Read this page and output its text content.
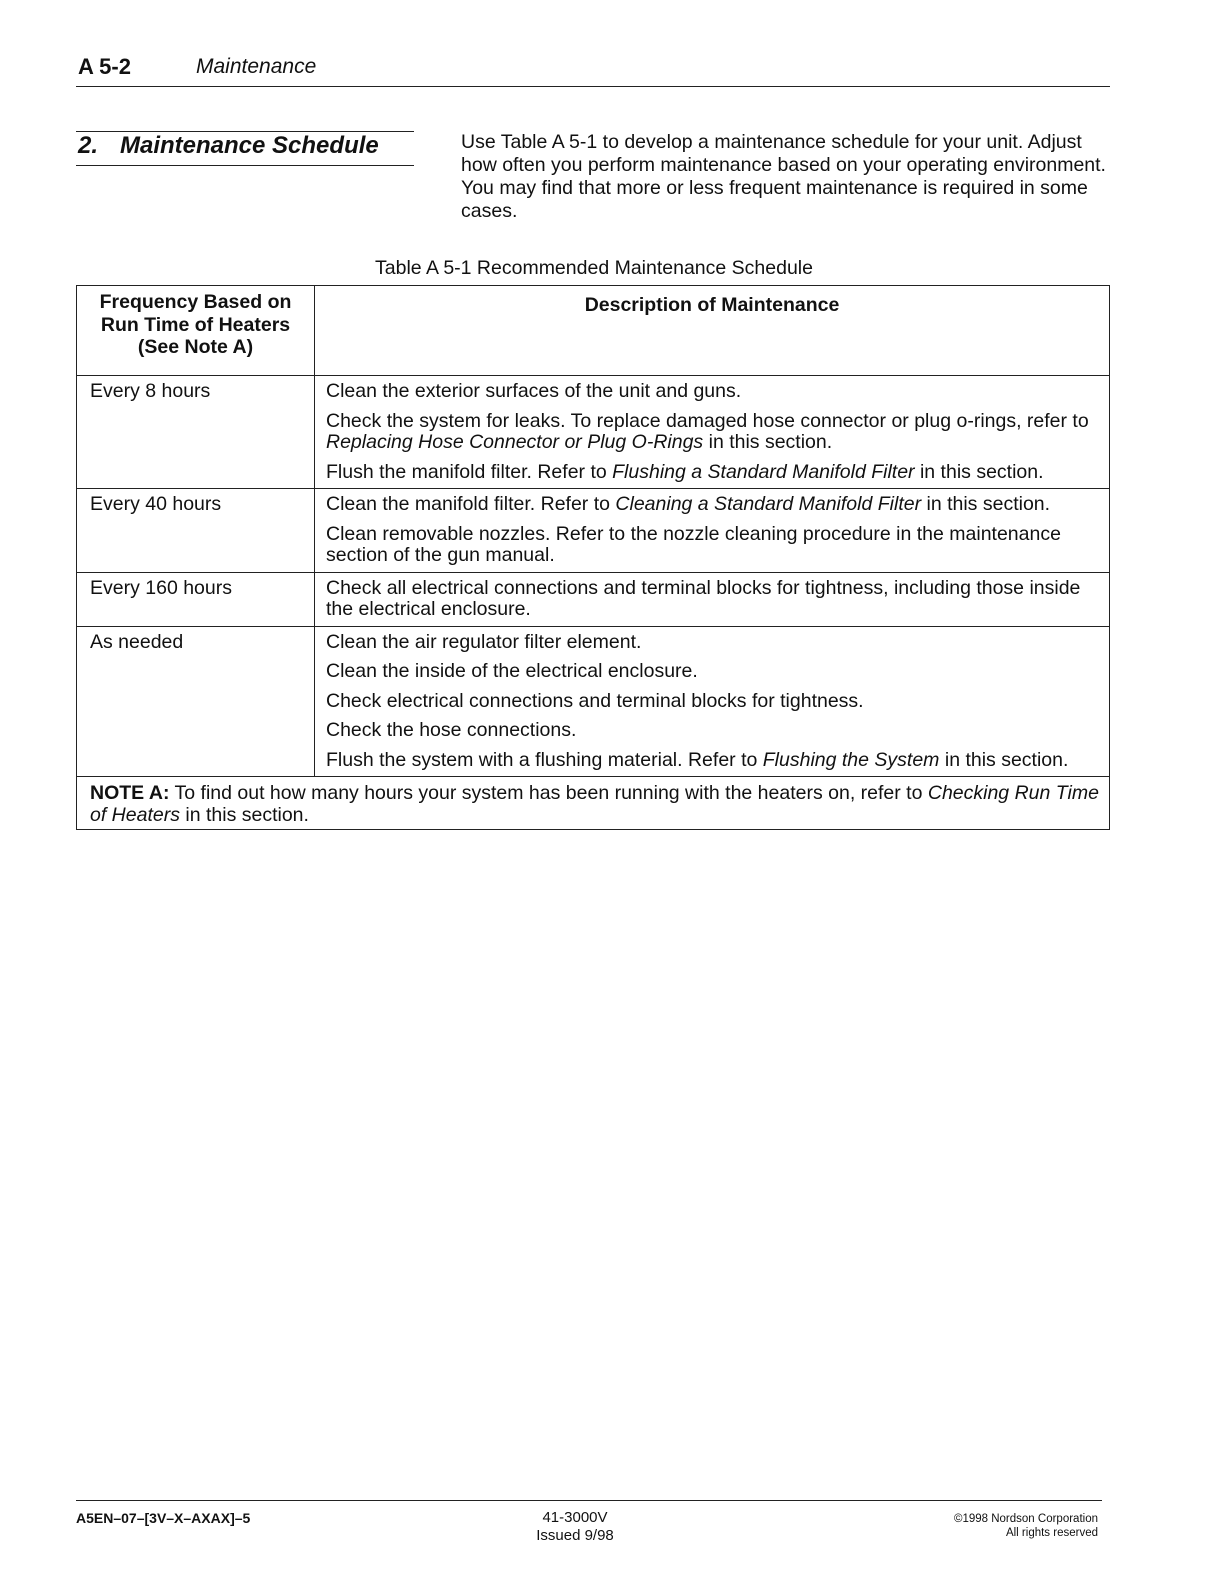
A 5-2	Maintenance
2. Maintenance Schedule	Use Table A 5-1 to develop a maintenance schedule for your unit. Adjust how often you perform maintenance based on your operating environment. You may find that more or less frequent maintenance is required in some cases.
Table A 5-1 Recommended Maintenance Schedule
Frequency Based on
Run Time of Heaters
(See Note A)	Description of Maintenance
Every 8 hours	Clean the exterior surfaces of the unit and guns.

Check the system for leaks. To replace damaged hose connector or plug o-rings, refer to Replacing Hose Connector or Plug O-Rings in this section.

Flush the manifold filter. Refer to Flushing a Standard Manifold Filter in this section.

Every 40 hours	Clean the manifold filter. Refer to Cleaning a Standard Manifold Filter in this section.

Clean removable nozzles. Refer to the nozzle cleaning procedure in the maintenance section of the gun manual.

Every 160 hours	Check all electrical connections and terminal blocks for tightness, including those inside the electrical enclosure.

As needed	Clean the air regulator filter element.

Clean the inside of the electrical enclosure.

Check electrical connections and terminal blocks for tightness.

Check the hose connections.

Flush the system with a flushing material. Refer to Flushing the System in this section.

NOTE A: To find out how many hours your system has been running with the heaters on, refer to Checking Run Time of Heaters in this section.	
A5EN–07–[3V–X–AXAX]–5	41-3000V
Issued 9/98
©1998 Nordson Corporation
All rights reserved
